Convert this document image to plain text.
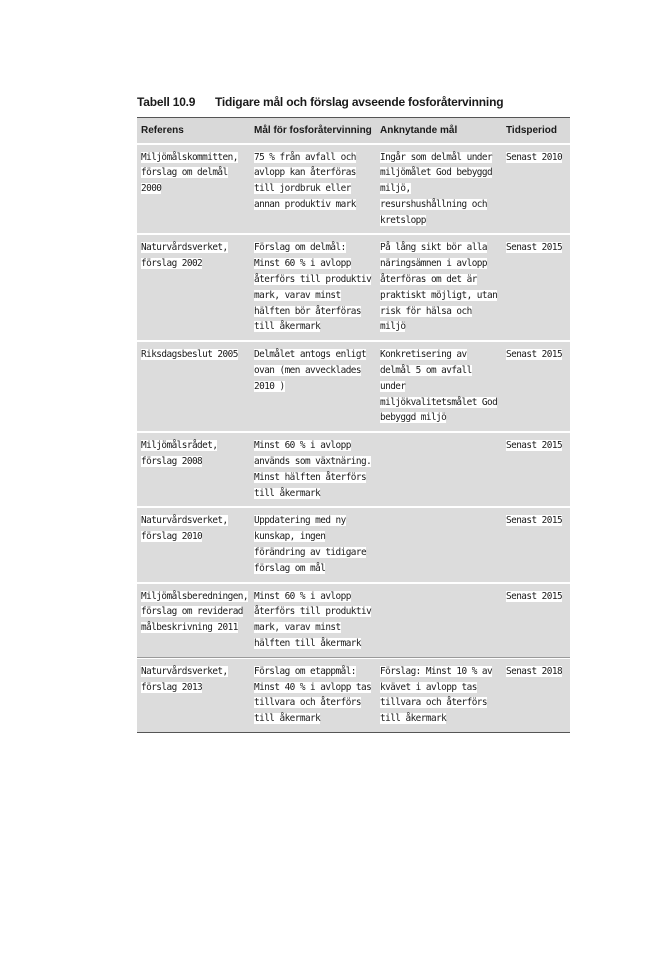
Tabell 10.9 Tidigare mål och förslag avseende fosforåtervinning
Referens	Mål för fosforåtervinning	Anknytande mål	Tidsperiod
Miljömålskommitten, förslag om delmål 2000	75 % från avfall och avlopp kan återföras till jordbruk eller annan produktiv mark	Ingår som delmål under miljömålet God bebyggd miljö, resurshushållning och kretslopp	Senast 2010
Naturvårdsverket, förslag 2002	Förslag om delmål: Minst 60 % i avlopp återförs till produktiv mark, varav minst hälften bör återföras till åkermark	På lång sikt bör alla näringsämnen i avlopp återföras om det är praktiskt möjligt, utan risk för hälsa och miljö	Senast 2015
Riksdagsbeslut 2005	Delmålet antogs enligt ovan (men avvecklades 2010 )	Konkretisering av delmål 5 om avfall under miljökvalitetsmålet God bebyggd miljö	Senast 2015
Miljömålsrådet, förslag 2008	Minst 60 % i avlopp används som växtnäring. Minst hälften återförs till åkermark		Senast 2015
Naturvårdsverket, förslag 2010	Uppdatering med ny kunskap, ingen förändring av tidigare förslag om mål		Senast 2015
Miljömålsberedningen, förslag om reviderad målbeskrivning 2011	Minst 60 % i avlopp återförs till produktiv mark, varav minst hälften till åkermark		Senast 2015
Naturvårdsverket, förslag 2013	Förslag om etappmål: Minst 40 % i avlopp tas tillvara och återförs till åkermark	Förslag: Minst 10 % av kvävet i avlopp tas tillvara och återförs till åkermark	Senast 2018
